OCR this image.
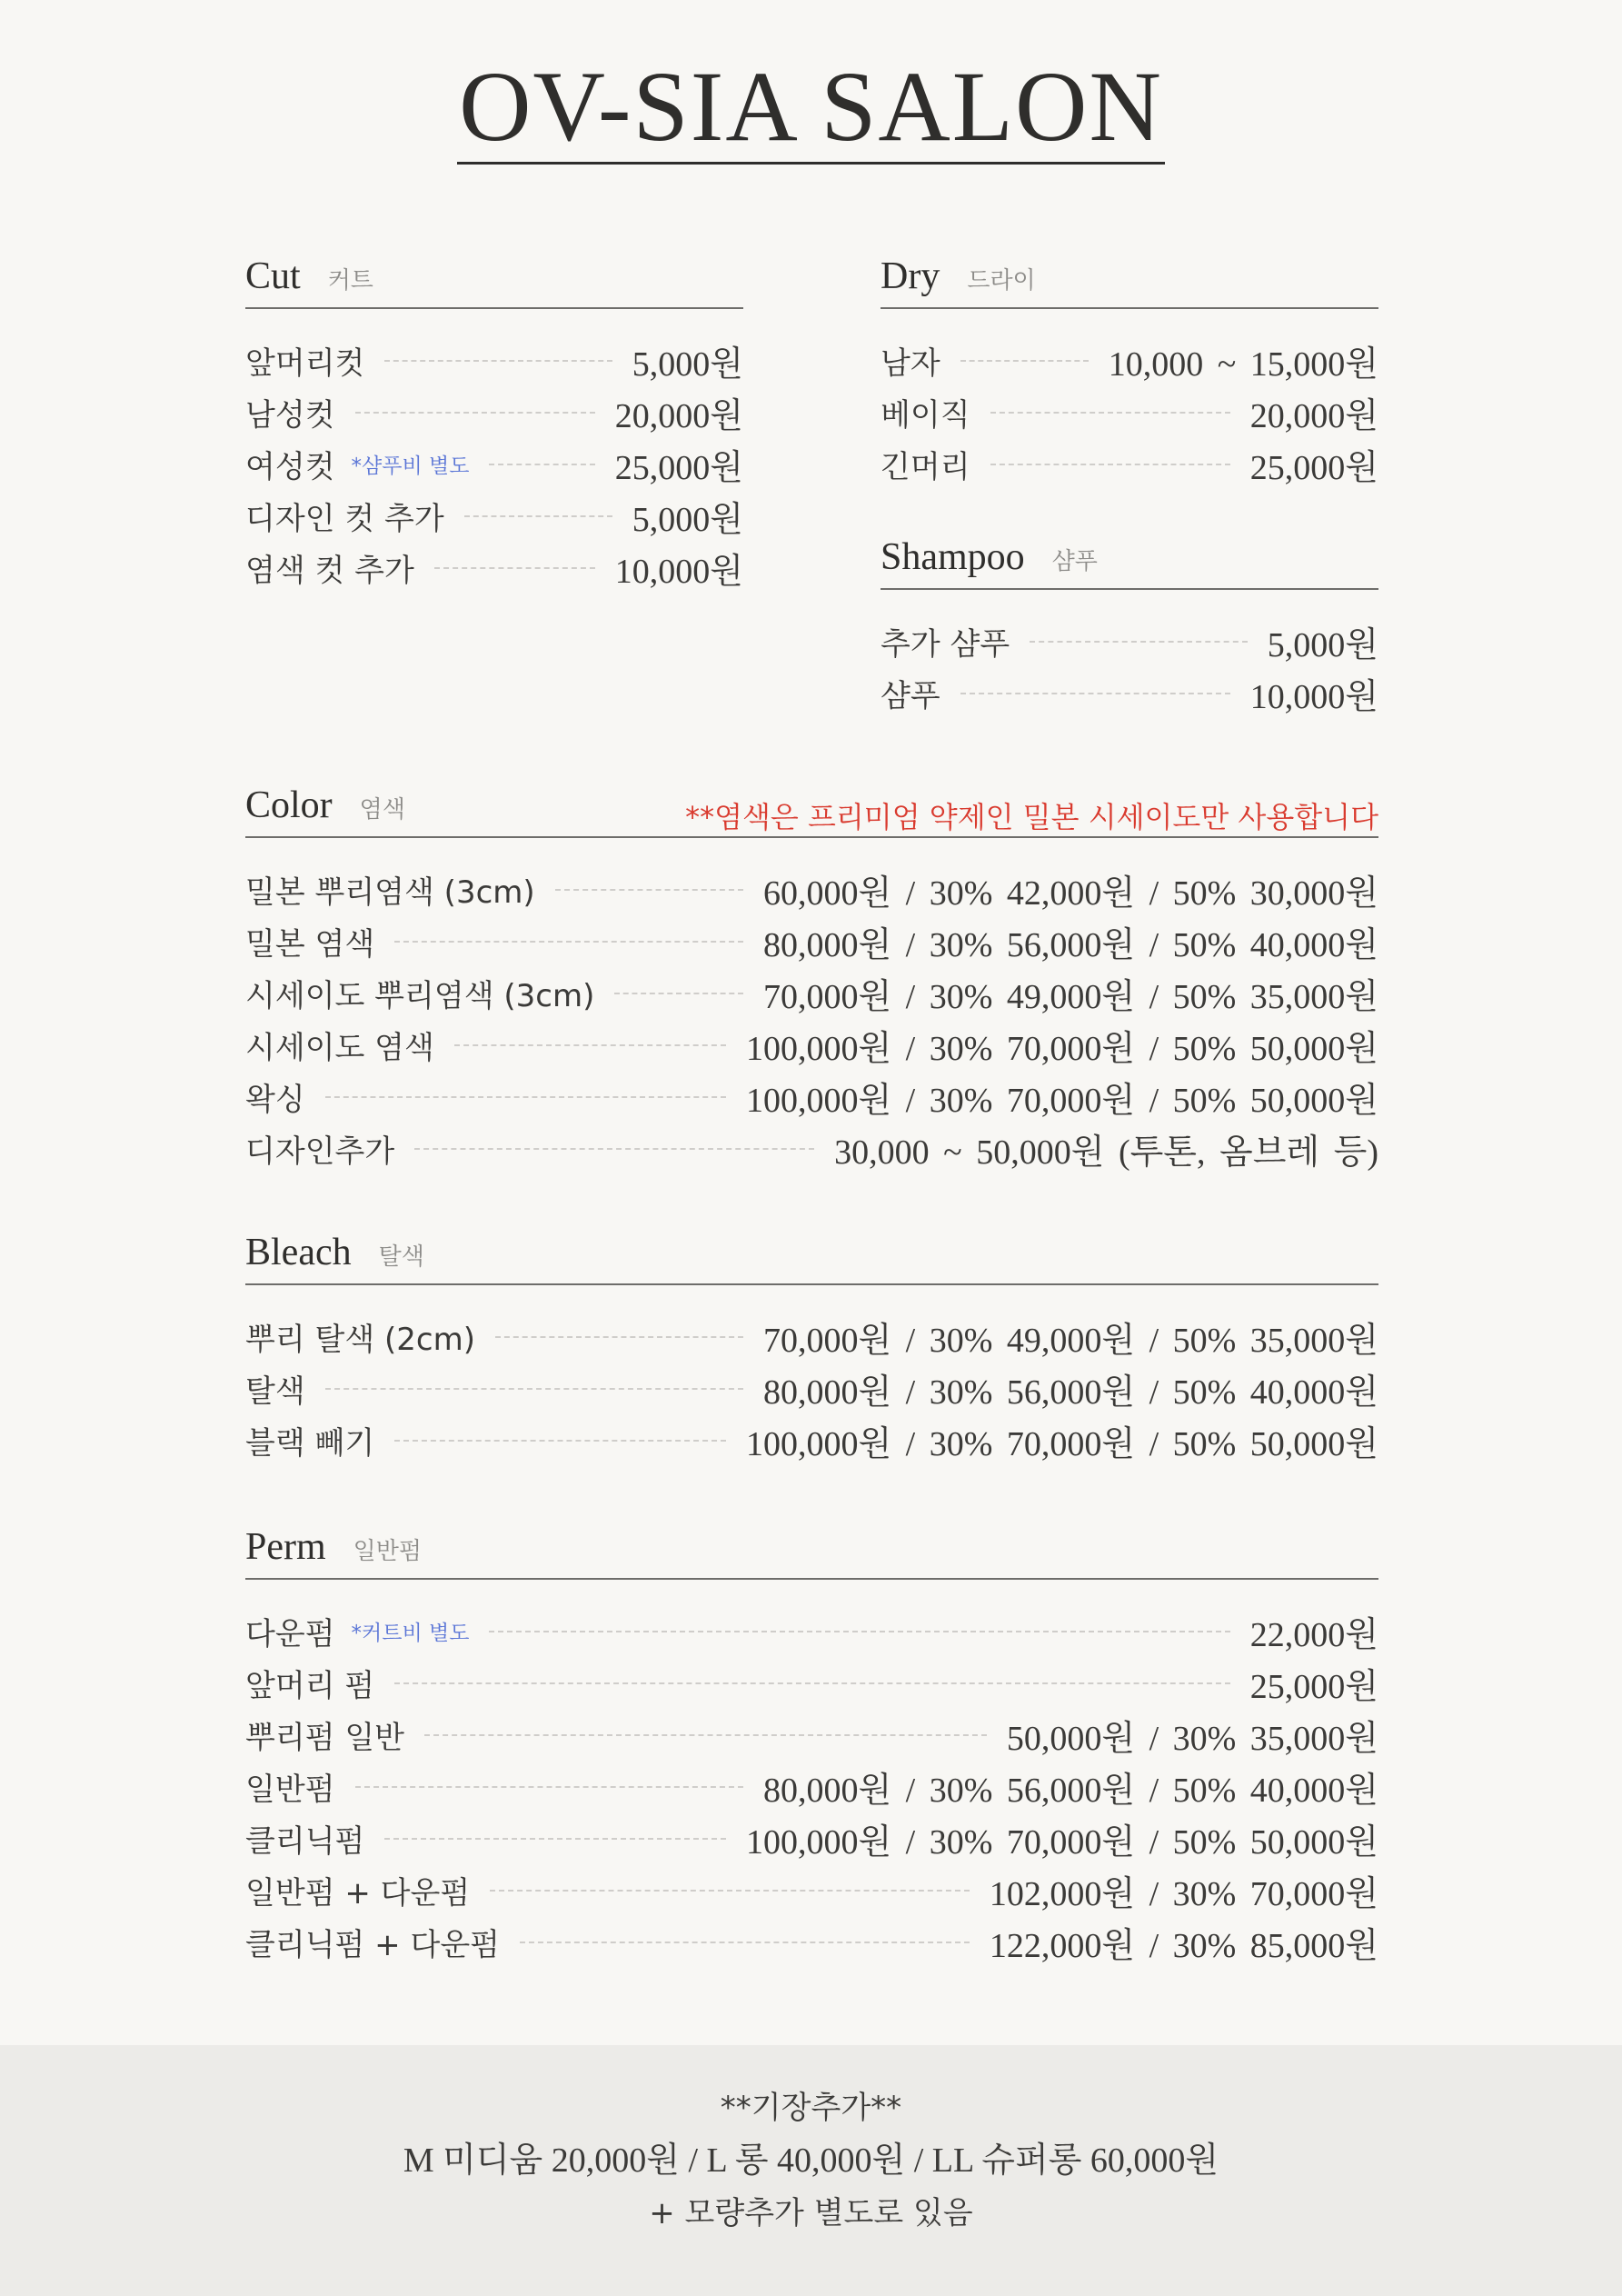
OV-SIA SALON
Cut 커트
앞머리컷	5,000원
남성컷	20,000원
여성컷 *샴푸비 별도	25,000원
디자인 컷 추가	5,000원
염색 컷 추가	10,000원
Dry 드라이
남자	10,000 ~ 15,000원
베이직	20,000원
긴머리	25,000원
Shampoo 샴푸
추가 샴푸	5,000원
샴푸	10,000원
Color 염색	**염색은 프리미엄 약제인 밀본 시세이도만 사용합니다
밀본 뿌리염색 (3cm)	60,000원 / 30% 42,000원 / 50% 30,000원
밀본 염색	80,000원 / 30% 56,000원 / 50% 40,000원
시세이도 뿌리염색 (3cm)	70,000원 / 30% 49,000원 / 50% 35,000원
시세이도 염색	100,000원 / 30% 70,000원 / 50% 50,000원
왁싱	100,000원 / 30% 70,000원 / 50% 50,000원
디자인추가	30,000 ~ 50,000원 (투톤, 옴브레 등)
Bleach 탈색
뿌리 탈색 (2cm)	70,000원 / 30% 49,000원 / 50% 35,000원
탈색	80,000원 / 30% 56,000원 / 50% 40,000원
블랙 빼기	100,000원 / 30% 70,000원 / 50% 50,000원
Perm 일반펌
다운펌 *커트비 별도	22,000원
앞머리 펌	25,000원
뿌리펌 일반	50,000원 / 30% 35,000원
일반펌	80,000원 / 30% 56,000원 / 50% 40,000원
클리닉펌	100,000원 / 30% 70,000원 / 50% 50,000원
일반펌 + 다운펌	102,000원 / 30% 70,000원
클리닉펌 + 다운펌	122,000원 / 30% 85,000원
**기장추가**
M 미디움 20,000원 / L 롱 40,000원 / LL 슈퍼롱 60,000원
+ 모량추가 별도로 있음
